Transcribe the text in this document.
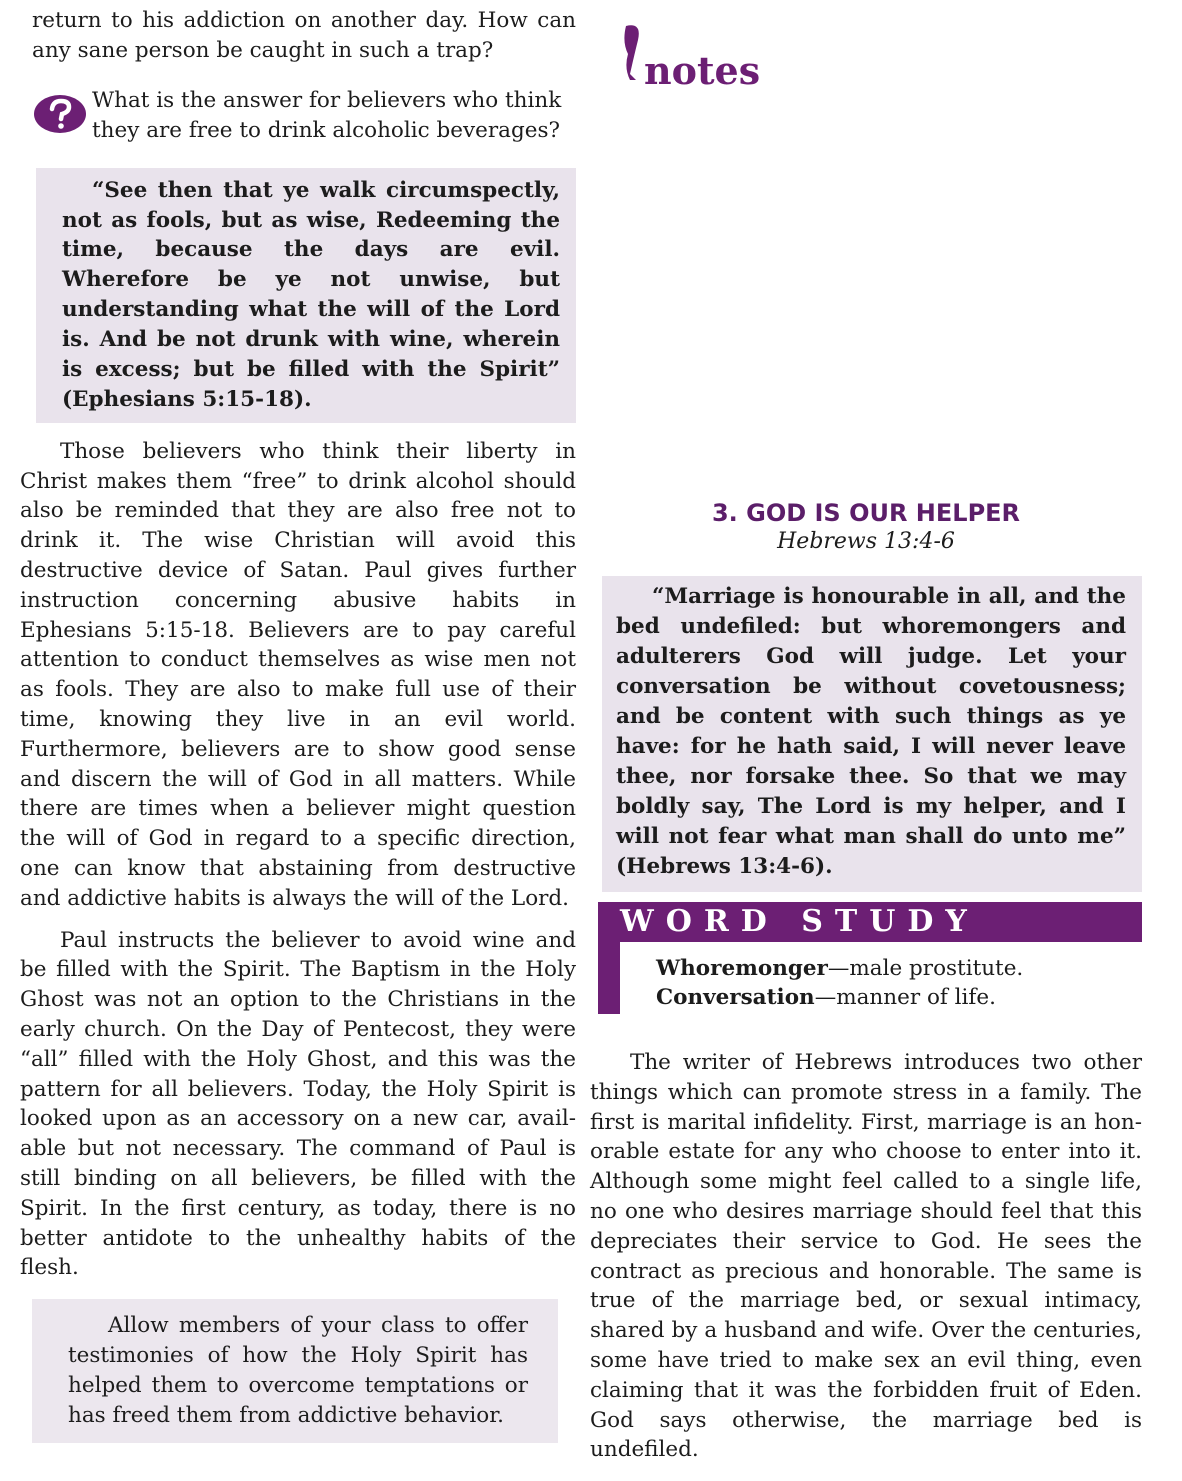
return to his addiction on another day. How can any sane person be caught in such a trap?

What is the answer for believers who think they are free to drink alcoholic beverages?

“See then that ye walk circumspectly, not as fools, but as wise, Redeeming the time, because the days are evil. Wherefore be ye not unwise, but understanding what the will of the Lord is. And be not drunk with wine, wherein is excess; but be filled with the Spirit” (Ephesians 5:15-18).

Those believers who think their liberty in Christ makes them “free” to drink alcohol should also be reminded that they are also free not to drink it. The wise Christian will avoid this destructive device of Satan. Paul gives further instruction concerning abusive habits in Ephesians 5:15-18. Believers are to pay careful attention to conduct themselves as wise men not as fools. They are also to make full use of their time, knowing they live in an evil world. Furthermore, believers are to show good sense and discern the will of God in all matters. While there are times when a believer might question the will of God in regard to a specific direction, one can know that abstaining from destructive and addictive habits is always the will of the Lord.

Paul instructs the believer to avoid wine and be filled with the Spirit. The Baptism in the Holy Ghost was not an option to the Christians in the early church. On the Day of Pentecost, they were “all” filled with the Holy Ghost, and this was the pattern for all believers. Today, the Holy Spirit is looked upon as an accessory on a new car, available but not necessary. The command of Paul is still binding on all believers, be filled with the Spirit. In the first century, as today, there is no better antidote to the unhealthy habits of the flesh.

Allow members of your class to offer testimonies of how the Holy Spirit has helped them to overcome temptations or has freed them from addictive behavior.

notes

3. GOD IS OUR HELPER

Hebrews 13:4-6

“Marriage is honourable in all, and the bed undefiled: but whoremongers and adulterers God will judge. Let your conversation be without covetousness; and be content with such things as ye have: for he hath said, I will never leave thee, nor forsake thee. So that we may boldly say, The Lord is my helper, and I will not fear what man shall do unto me” (Hebrews 13:4-6).

WORD STUDY

Whoremonger—male prostitute.

Conversation—manner of life.

The writer of Hebrews introduces two other things which can promote stress in a family. The first is marital infidelity. First, marriage is an honorable estate for any who choose to enter into it. Although some might feel called to a single life, no one who desires marriage should feel that this depreciates their service to God. He sees the contract as precious and honorable. The same is true of the marriage bed, or sexual intimacy, shared by a husband and wife. Over the centuries, some have tried to make sex an evil thing, even claiming that it was the forbidden fruit of Eden. God says otherwise, the marriage bed is undefiled.
